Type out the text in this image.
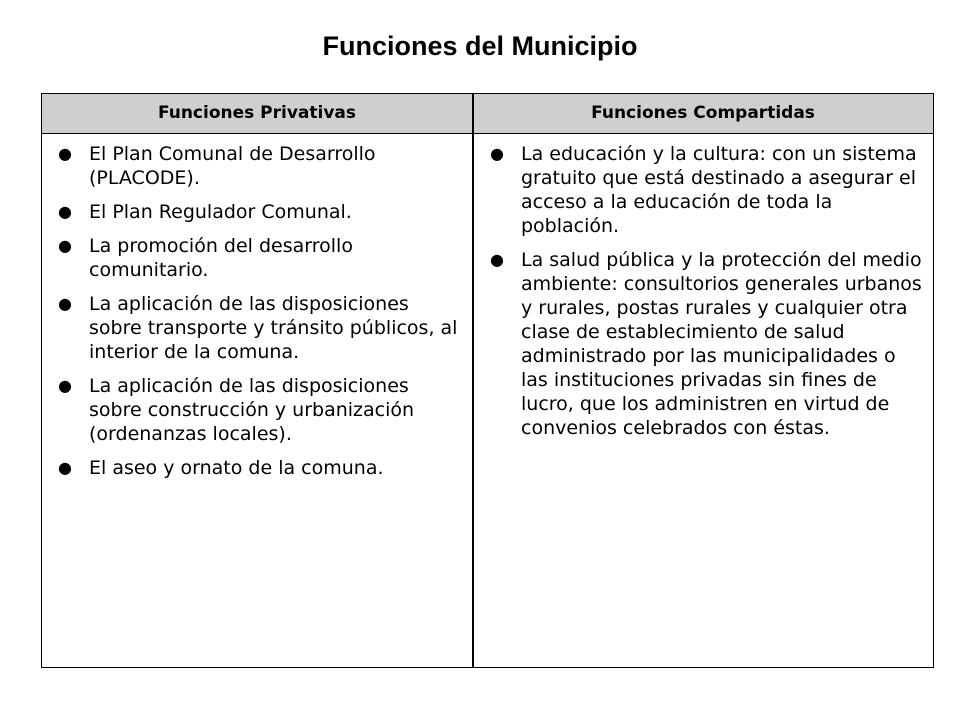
Funciones del Municipio
Funciones Privativas	Funciones Compartidas
● El Plan Comunal de Desarrollo (PLACODE).
● El Plan Regulador Comunal.
● La promoción del desarrollo comunitario.
● La aplicación de las disposiciones sobre transporte y tránsito públicos, al interior de la comuna.
● La aplicación de las disposiciones sobre construcción y urbanización (ordenanzas locales).
● El aseo y ornato de la comuna.
● La educación y la cultura: con un sistema gratuito que está destinado a asegurar el acceso a la educación de toda la población.
● La salud pública y la protección del medio ambiente: consultorios generales urbanos y rurales, postas rurales y cualquier otra clase de establecimiento de salud administrado por las municipalidades o las instituciones privadas sin fines de lucro, que los administren en virtud de convenios celebrados con éstas.
